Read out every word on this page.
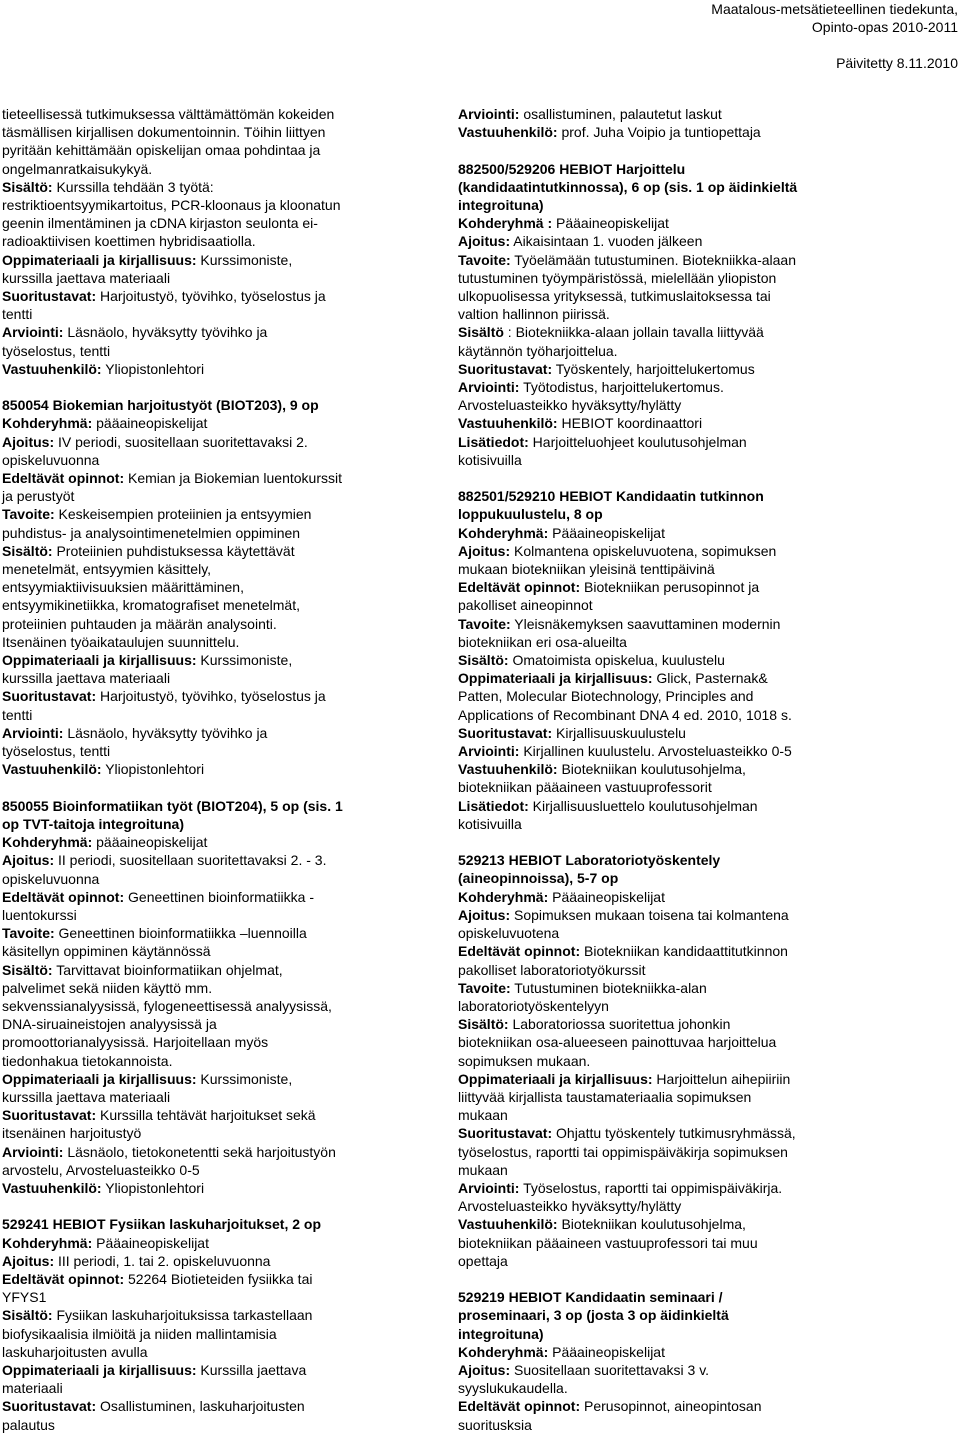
Maatalous-metsätieteellinen tiedekunta,
Opinto-opas 2010-2011
Päivitetty 8.11.2010

tieteellisessä tutkimuksessa välttämättömän kokeiden

täsmällisen kirjallisen dokumentoinnin. Töihin liittyen

pyritään kehittämään opiskelijan omaa pohdintaa ja

ongelmanratkaisukykyä.

Sisältö: Kurssilla tehdään 3 työtä:

restriktioentsyymikartoitus, PCR-kloonaus ja kloonatun

geenin ilmentäminen ja cDNA kirjaston seulonta ei-

radioaktiivisen koettimen hybridisaatiolla.

Oppimateriaali ja kirjallisuus: Kurssimoniste,

kurssilla jaettava materiaali

Suoritustavat: Harjoitustyö, työvihko, työselostus ja

tentti

Arviointi: Läsnäolo, hyväksytty työvihko ja

työselostus, tentti

Vastuuhenkilö: Yliopistonlehtori

850054 Biokemian harjoitustyöt (BIOT203), 9 op

Kohderyhmä: pääaineopiskelijat

Ajoitus: IV periodi, suositellaan suoritettavaksi 2.

opiskeluvuonna

Edeltävät opinnot: Kemian ja Biokemian luentokurssit

ja perustyöt

Tavoite: Keskeisempien proteiinien ja entsyymien

puhdistus- ja analysointimenetelmien oppiminen

Sisältö: Proteiinien puhdistuksessa käytettävät

menetelmät, entsyymien käsittely,

entsyymiaktiivisuuksien määrittäminen,

entsyymikinetiikka, kromatografiset menetelmät,

proteiinien puhtauden ja määrän analysointi.

Itsenäinen työaikataulujen suunnittelu.

Oppimateriaali ja kirjallisuus: Kurssimoniste,

kurssilla jaettava materiaali

Suoritustavat: Harjoitustyö, työvihko, työselostus ja

tentti

Arviointi: Läsnäolo, hyväksytty työvihko ja

työselostus, tentti

Vastuuhenkilö: Yliopistonlehtori

850055 Bioinformatiikan työt (BIOT204), 5 op (sis. 1

op TVT-taitoja integroituna)

Kohderyhmä: pääaineopiskelijat

Ajoitus: II periodi, suositellaan suoritettavaksi 2. - 3.

opiskeluvuonna

Edeltävät opinnot: Geneettinen bioinformatiikka -

luentokurssi

Tavoite: Geneettinen bioinformatiikka –luennoilla

käsitellyn oppiminen käytännössä

Sisältö: Tarvittavat bioinformatiikan ohjelmat,

palvelimet sekä niiden käyttö mm.

sekvenssianalyysissä, fylogeneettisessä analyysissä,

DNA-siruaineistojen analyysissä ja

promoottorianalyysissä. Harjoitellaan myös

tiedonhakua tietokannoista.

Oppimateriaali ja kirjallisuus: Kurssimoniste,

kurssilla jaettava materiaali

Suoritustavat: Kurssilla tehtävät harjoitukset sekä

itsenäinen harjoitustyö

Arviointi: Läsnäolo, tietokonetentti sekä harjoitustyön

arvostelu, Arvosteluasteikko 0-5

Vastuuhenkilö: Yliopistonlehtori

529241 HEBIOT Fysiikan laskuharjoitukset, 2 op

Kohderyhmä: Pääaineopiskelijat

Ajoitus: III periodi, 1. tai 2. opiskeluvuonna

Edeltävät opinnot: 52264 Biotieteiden fysiikka tai

YFYS1

Sisältö: Fysiikan laskuharjoituksissa tarkastellaan

biofysikaalisia ilmiöitä ja niiden mallintamisia

laskuharjoitusten avulla

Oppimateriaali ja kirjallisuus: Kurssilla jaettava

materiaali

Suoritustavat: Osallistuminen, laskuharjoitusten

palautus

Arviointi: osallistuminen, palautetut laskut

Vastuuhenkilö: prof. Juha Voipio ja tuntiopettaja

882500/529206 HEBIOT Harjoittelu

(kandidaatintutkinnossa), 6 op (sis. 1 op äidinkieltä

integroituna)

Kohderyhmä : Pääaineopiskelijat

Ajoitus: Aikaisintaan 1. vuoden jälkeen

Tavoite: Työelämään tutustuminen. Biotekniikka-alaan

tutustuminen työympäristössä, mielellään yliopiston

ulkopuolisessa yrityksessä, tutkimuslaitoksessa tai

valtion hallinnon piirissä.

Sisältö : Biotekniikka-alaan jollain tavalla liittyvää

käytännön työharjoittelua.

Suoritustavat: Työskentely, harjoittelukertomus

Arviointi: Työtodistus, harjoittelukertomus.

Arvosteluasteikko hyväksytty/hylätty

Vastuuhenkilö: HEBIOT koordinaattori

Lisätiedot: Harjoitteluohjeet koulutusohjelman

kotisivuilla

882501/529210 HEBIOT Kandidaatin tutkinnon

loppukuulustelu, 8 op

Kohderyhmä: Pääaineopiskelijat

Ajoitus: Kolmantena opiskeluvuotena, sopimuksen

mukaan biotekniikan yleisinä tenttipäivinä

Edeltävät opinnot: Biotekniikan perusopinnot ja

pakolliset aineopinnot

Tavoite: Yleisnäkemyksen saavuttaminen modernin

biotekniikan eri osa-alueilta

Sisältö: Omatoimista opiskelua, kuulustelu

Oppimateriaali ja kirjallisuus: Glick, Pasternak&

Patten, Molecular Biotechnology, Principles and

Applications of Recombinant DNA 4 ed. 2010, 1018 s.

Suoritustavat: Kirjallisuuskuulustelu

Arviointi: Kirjallinen kuulustelu. Arvosteluasteikko 0-5

Vastuuhenkilö: Biotekniikan koulutusohjelma,

biotekniikan pääaineen vastuuprofessorit

Lisätiedot: Kirjallisuusluettelo koulutusohjelman

kotisivuilla

529213 HEBIOT Laboratoriotyöskentely

(aineopinnoissa), 5-7 op

Kohderyhmä: Pääaineopiskelijat

Ajoitus: Sopimuksen mukaan toisena tai kolmantena

opiskeluvuotena

Edeltävät opinnot: Biotekniikan kandidaattitutkinnon

pakolliset laboratoriotyökurssit

Tavoite: Tutustuminen biotekniikka-alan

laboratoriotyöskentelyyn

Sisältö: Laboratoriossa suoritettua johonkin

biotekniikan osa-alueeseen painottuvaa harjoittelua

sopimuksen mukaan.

Oppimateriaali ja kirjallisuus: Harjoittelun aihepiiriin

liittyvää kirjallista taustamateriaalia sopimuksen

mukaan

Suoritustavat: Ohjattu työskentely tutkimusryhmässä,

työselostus, raportti tai oppimispäiväkirja sopimuksen

mukaan

Arviointi: Työselostus, raportti tai oppimispäiväkirja.

Arvosteluasteikko hyväksytty/hylätty

Vastuuhenkilö: Biotekniikan koulutusohjelma,

biotekniikan pääaineen vastuuprofessori tai muu

opettaja

529219 HEBIOT Kandidaatin seminaari /

proseminaari, 3 op (josta 3 op äidinkieltä

integroituna)

Kohderyhmä: Pääaineopiskelijat

Ajoitus: Suositellaan suoritettavaksi 3 v.

syyslukukaudella.

Edeltävät opinnot: Perusopinnot, aineopintosan

suoritusksia
